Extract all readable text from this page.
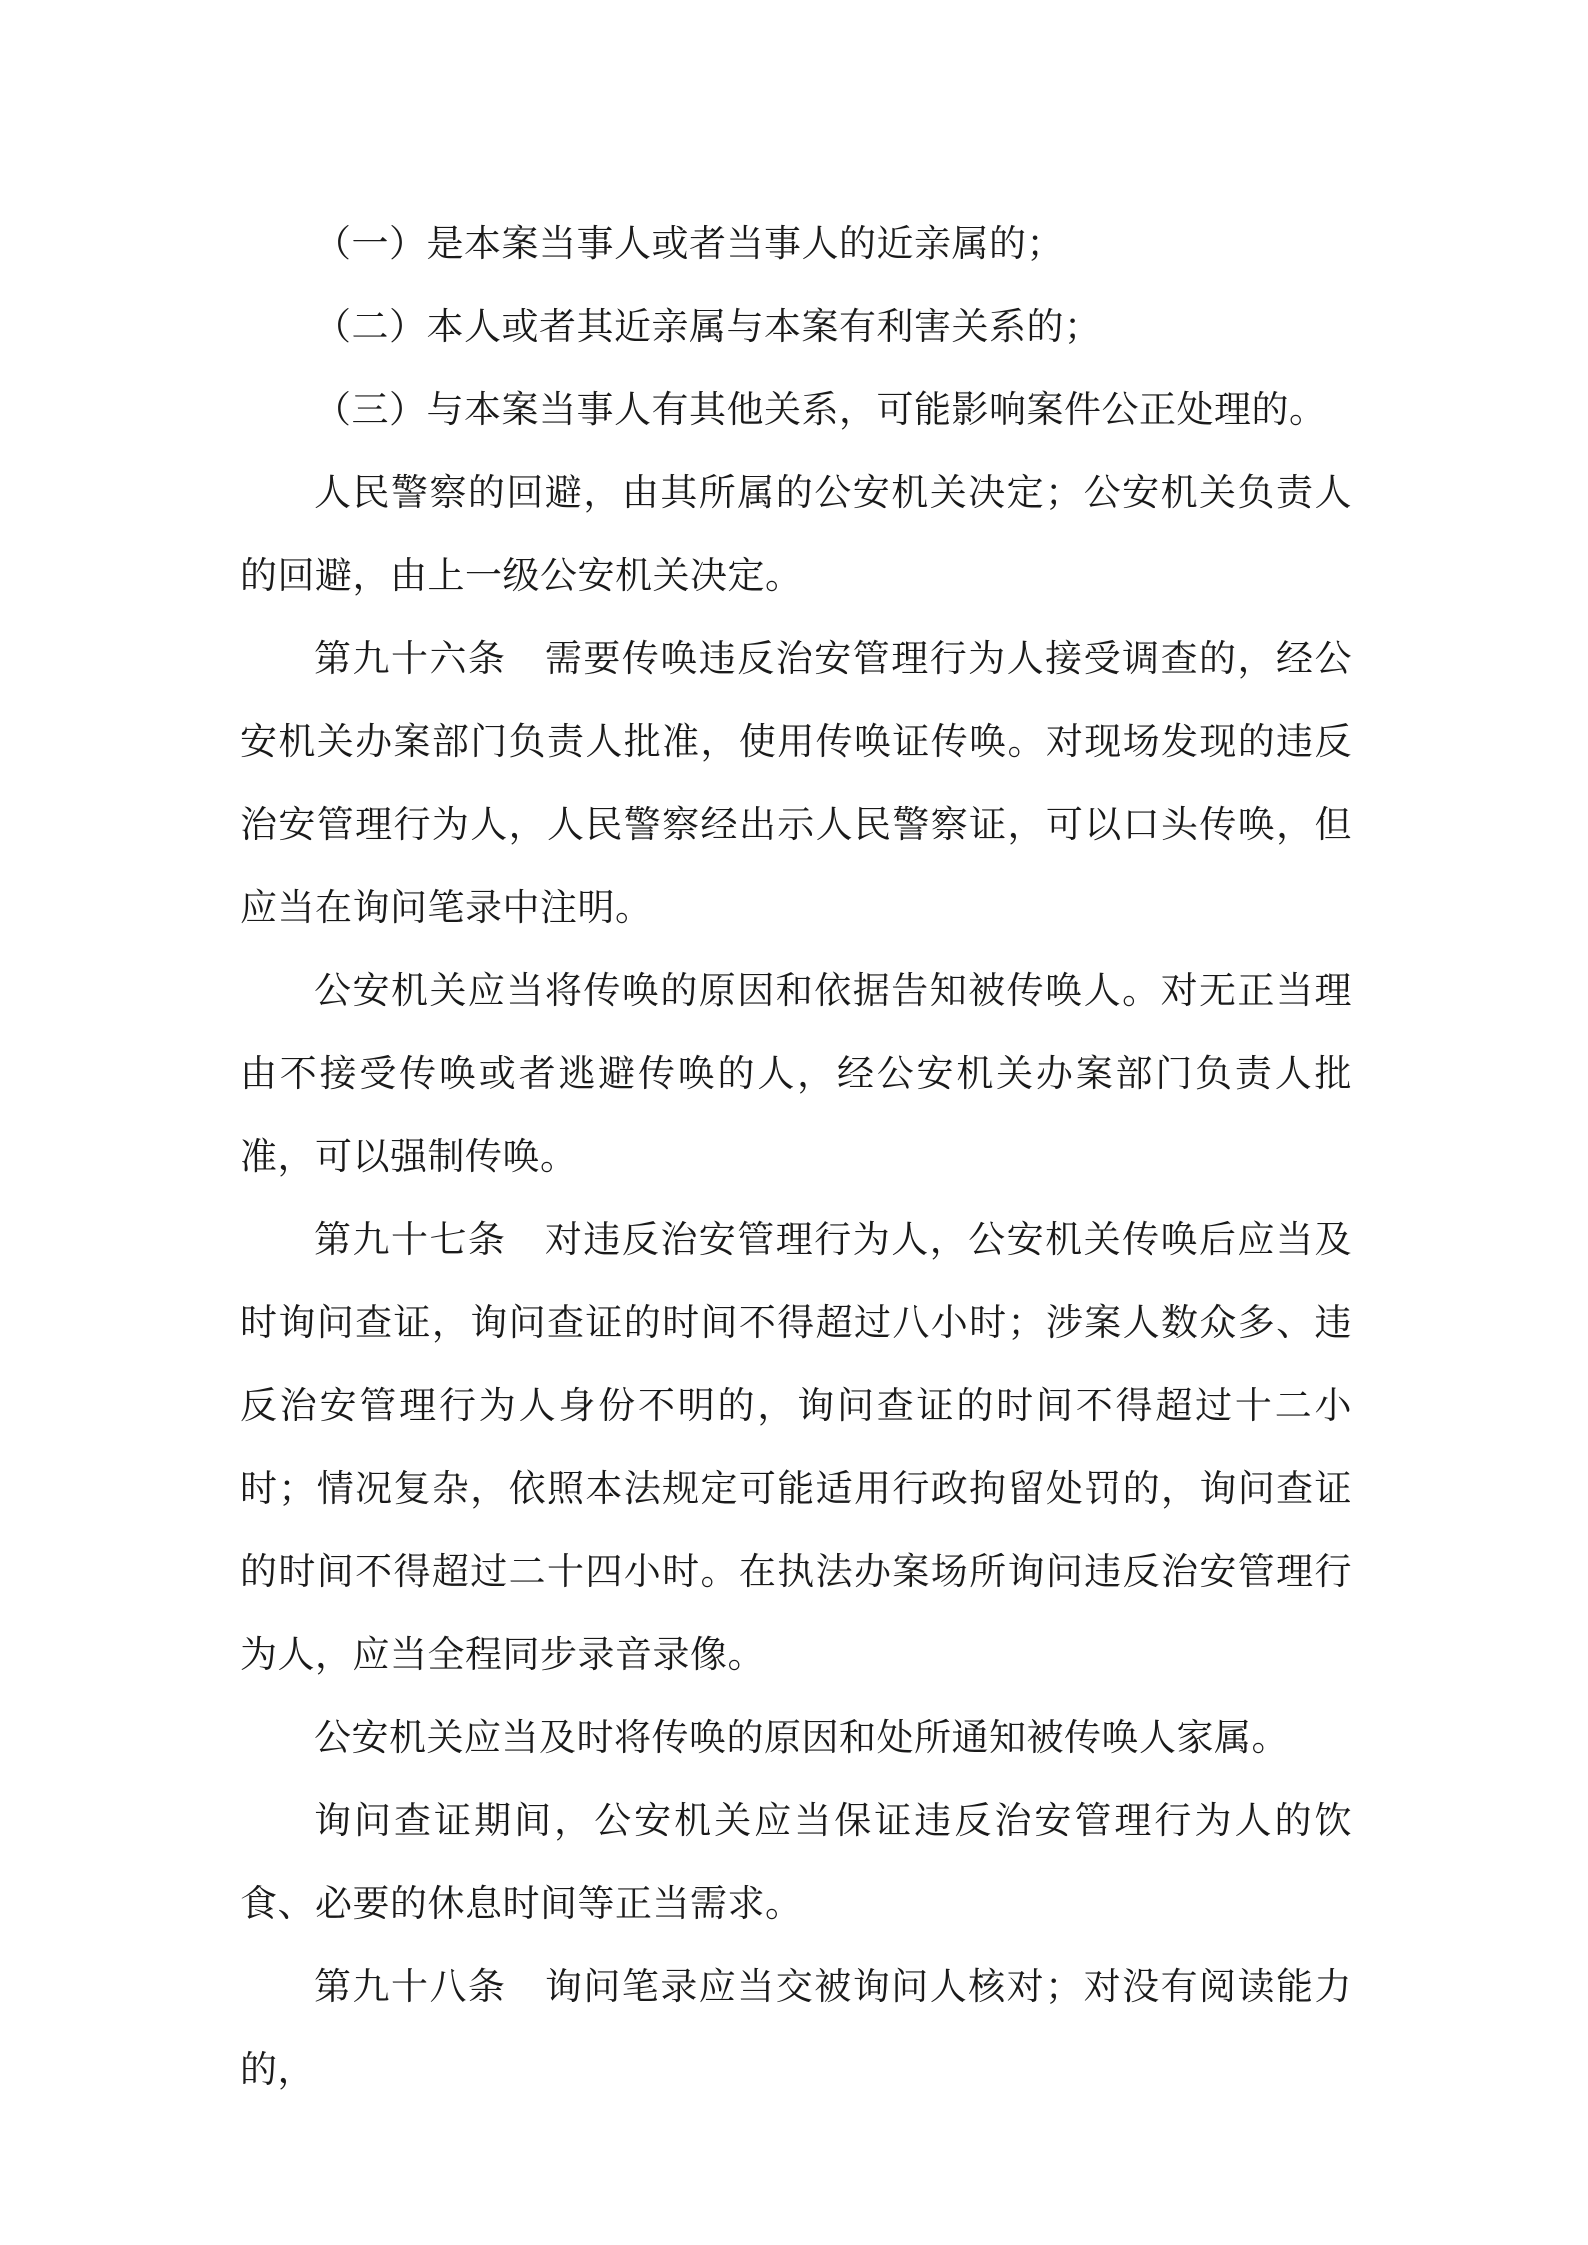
（一）是本案当事人或者当事人的近亲属的；

（二）本人或者其近亲属与本案有利害关系的；

（三）与本案当事人有其他关系，可能影响案件公正处理的。

人民警察的回避，由其所属的公安机关决定；公安机关负责人的回避，由上一级公安机关决定。

第九十六条　需要传唤违反治安管理行为人接受调查的，经公安机关办案部门负责人批准，使用传唤证传唤。对现场发现的违反治安管理行为人，人民警察经出示人民警察证，可以口头传唤，但应当在询问笔录中注明。

公安机关应当将传唤的原因和依据告知被传唤人。对无正当理由不接受传唤或者逃避传唤的人，经公安机关办案部门负责人批准，可以强制传唤。

第九十七条　对违反治安管理行为人，公安机关传唤后应当及时询问查证，询问查证的时间不得超过八小时；涉案人数众多、违反治安管理行为人身份不明的，询问查证的时间不得超过十二小时；情况复杂，依照本法规定可能适用行政拘留处罚的，询问查证的时间不得超过二十四小时。在执法办案场所询问违反治安管理行为人，应当全程同步录音录像。

公安机关应当及时将传唤的原因和处所通知被传唤人家属。

询问查证期间，公安机关应当保证违反治安管理行为人的饮食、必要的休息时间等正当需求。

第九十八条　询问笔录应当交被询问人核对；对没有阅读能力的，
